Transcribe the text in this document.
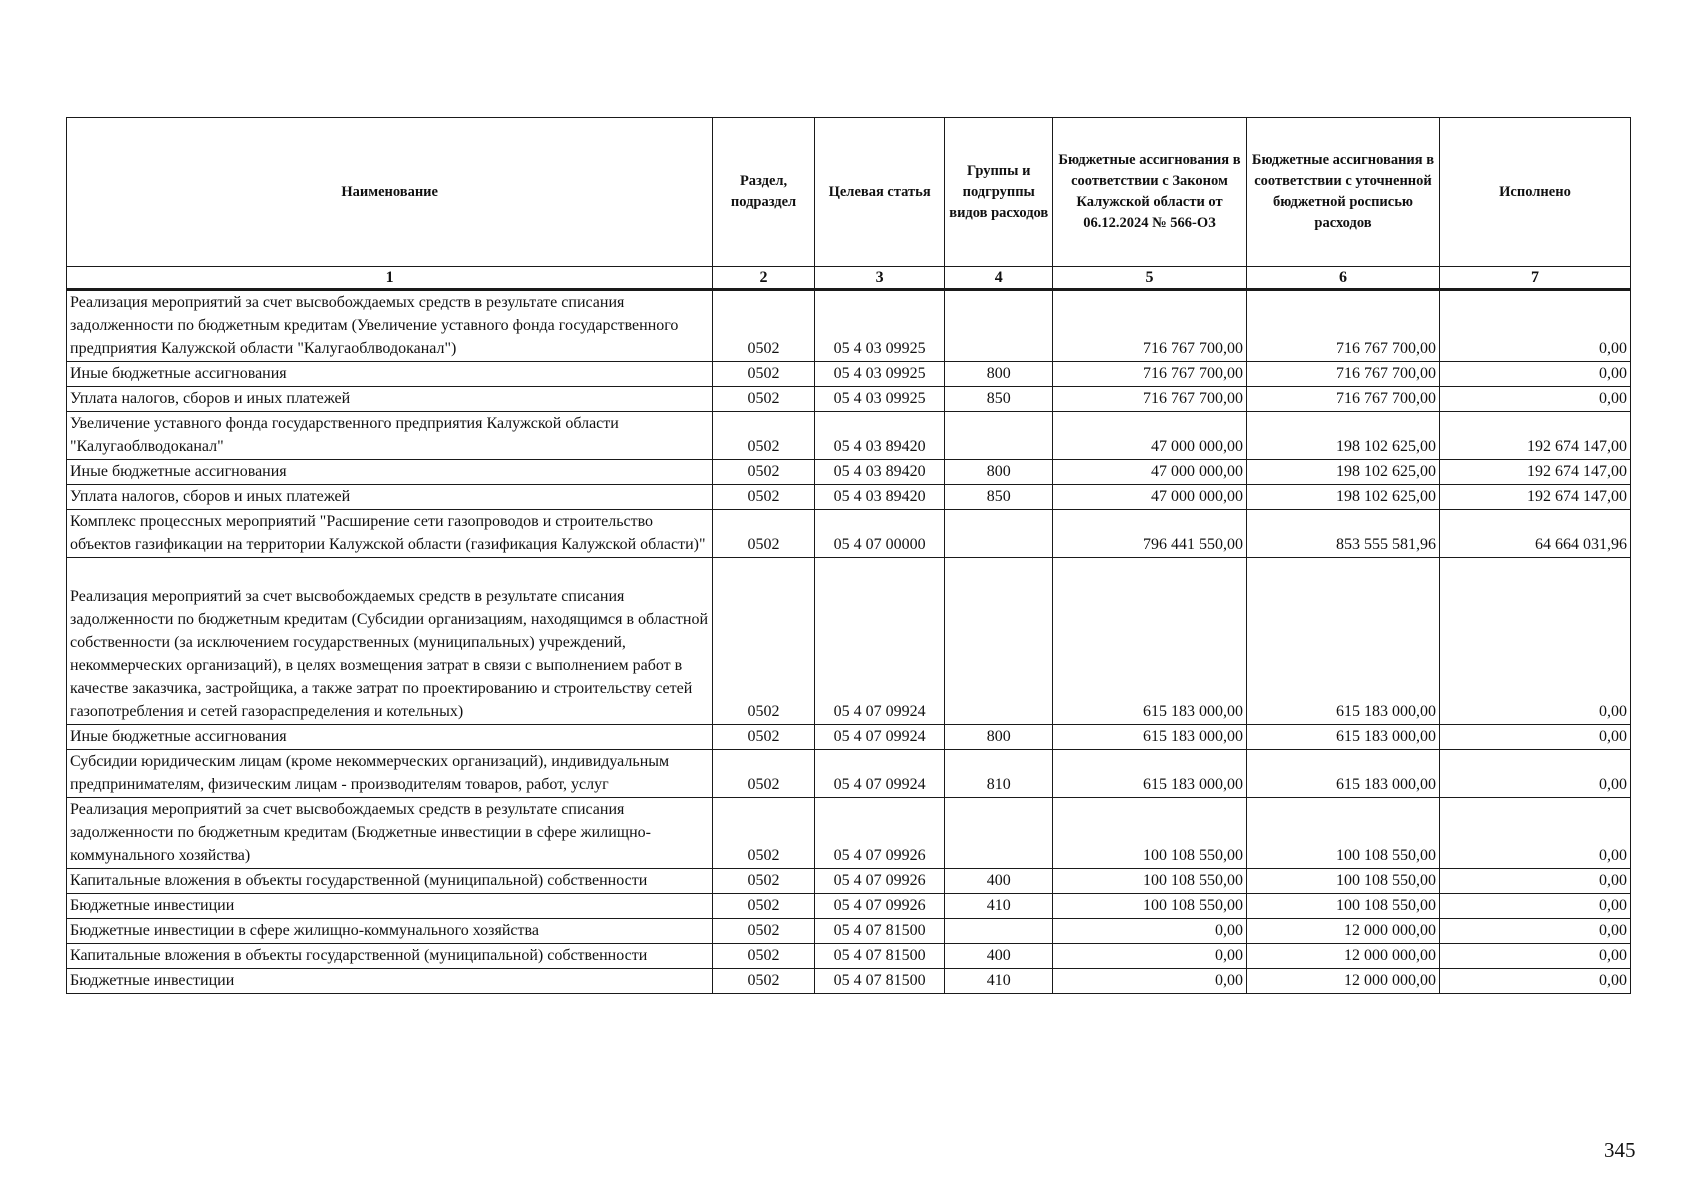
Наименование	Раздел, подраздел	Целевая статья	Группы и подгруппы видов расходов	Бюджетные ассигнования в соответствии с Законом Калужской области от 06.12.2024 № 566-ОЗ	Бюджетные ассигнования в соответствии с уточненной бюджетной росписью расходов	Исполнено
1	2	3	4	5	6	7
Реализация мероприятий за счет высвобождаемых средств в результате списания задолженности по бюджетным кредитам (Увеличение уставного фонда государственного предприятия Калужской области "Калугаоблводоканал")	0502	05 4 03 09925		716 767 700,00	716 767 700,00	0,00
Иные бюджетные ассигнования	0502	05 4 03 09925	800	716 767 700,00	716 767 700,00	0,00
Уплата налогов, сборов и иных платежей	0502	05 4 03 09925	850	716 767 700,00	716 767 700,00	0,00
Увеличение уставного фонда государственного предприятия Калужской области "Калугаоблводоканал"	0502	05 4 03 89420		47 000 000,00	198 102 625,00	192 674 147,00
Иные бюджетные ассигнования	0502	05 4 03 89420	800	47 000 000,00	198 102 625,00	192 674 147,00
Уплата налогов, сборов и иных платежей	0502	05 4 03 89420	850	47 000 000,00	198 102 625,00	192 674 147,00
Комплекс процессных мероприятий "Расширение сети газопроводов и строительство объектов газификации на территории Калужской области (газификация Калужской области)"	0502	05 4 07 00000		796 441 550,00	853 555 581,96	64 664 031,96

Реализация мероприятий за счет высвобождаемых средств в результате списания задолженности по бюджетным кредитам (Субсидии организациям, находящимся в областной собственности (за исключением государственных (муниципальных) учреждений, некоммерческих организаций), в целях возмещения затрат в связи с выполнением работ в качестве заказчика, застройщика, а также затрат по проектированию и строительству сетей газопотребления и сетей газораспределения и котельных)	0502	05 4 07 09924		615 183 000,00	615 183 000,00	0,00
Иные бюджетные ассигнования	0502	05 4 07 09924	800	615 183 000,00	615 183 000,00	0,00
Субсидии юридическим лицам (кроме некоммерческих организаций), индивидуальным предпринимателям, физическим лицам - производителям товаров, работ, услуг	0502	05 4 07 09924	810	615 183 000,00	615 183 000,00	0,00
Реализация мероприятий за счет высвобождаемых средств в результате списания задолженности по бюджетным кредитам (Бюджетные инвестиции в сфере жилищно-коммунального хозяйства)	0502	05 4 07 09926		100 108 550,00	100 108 550,00	0,00
Капитальные вложения в объекты государственной (муниципальной) собственности	0502	05 4 07 09926	400	100 108 550,00	100 108 550,00	0,00
Бюджетные инвестиции	0502	05 4 07 09926	410	100 108 550,00	100 108 550,00	0,00
Бюджетные инвестиции в сфере жилищно-коммунального хозяйства	0502	05 4 07 81500		0,00	12 000 000,00	0,00
Капитальные вложения в объекты государственной (муниципальной) собственности	0502	05 4 07 81500	400	0,00	12 000 000,00	0,00
Бюджетные инвестиции	0502	05 4 07 81500	410	0,00	12 000 000,00	0,00
345
